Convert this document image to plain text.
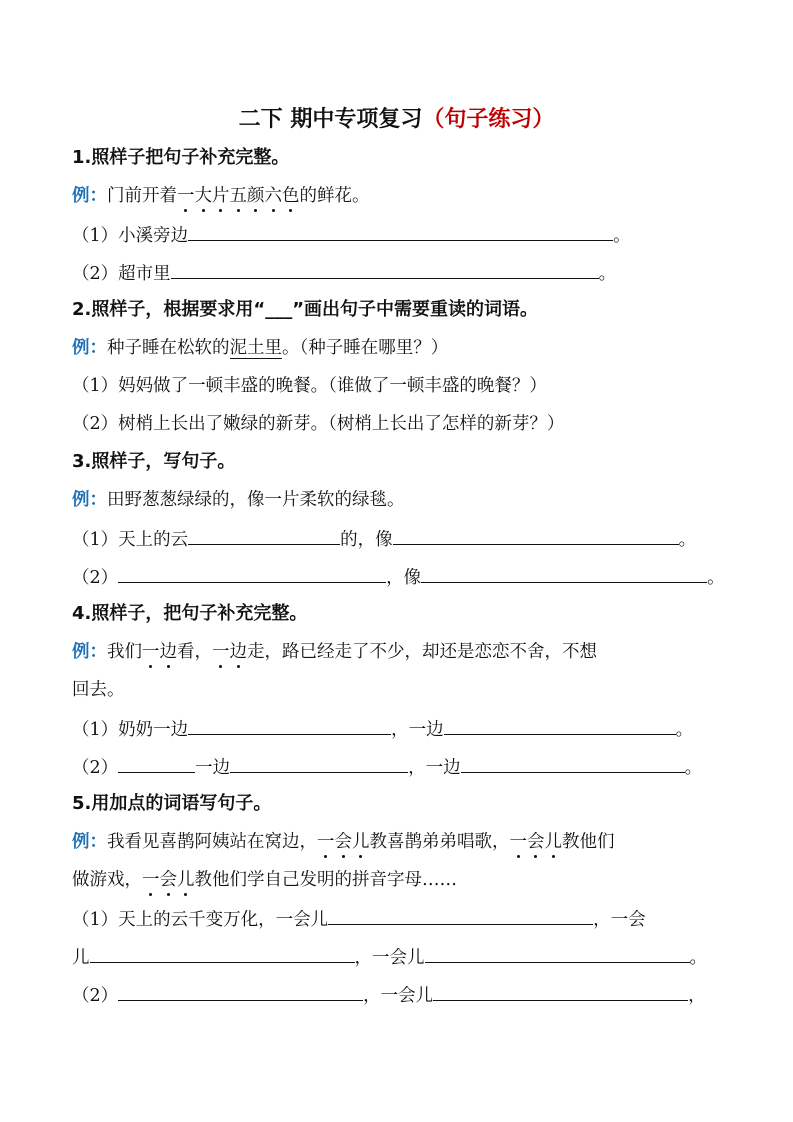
二下 期中专项复习（句子练习）
1.照样子把句子补充完整。
例：门前开着一大片五颜六色的鲜花。
（1）小溪旁边	。
（2）超市里	。
2.照样子，根据要求用“___”画出句子中需要重读的词语。
例：种子睡在松软的泥土里。（种子睡在哪里？）
（1）妈妈做了一顿丰盛的晚餐。（谁做了一顿丰盛的晚餐？）
（2）树梢上长出了嫩绿的新芽。（树梢上长出了怎样的新芽？）
3.照样子，写句子。
例：田野葱葱绿绿的，像一片柔软的绿毯。
（1）天上的云	的，像	。
（2）	，像	。
4.照样子，把句子补充完整。
例：我们一边看，一边走，路已经走了不少，却还是恋恋不舍，不想
回去。
（1）奶奶一边	，一边	。
（2）	一边	，一边	。
5.用加点的词语写句子。
例：我看见喜鹊阿姨站在窝边，一会儿教喜鹊弟弟唱歌，一会儿教他们
做游戏，一会儿教他们学自己发明的拼音字母……
（1）天上的云千变万化，一会儿	，一会
儿	，一会儿	。
（2）	，一会儿	，
